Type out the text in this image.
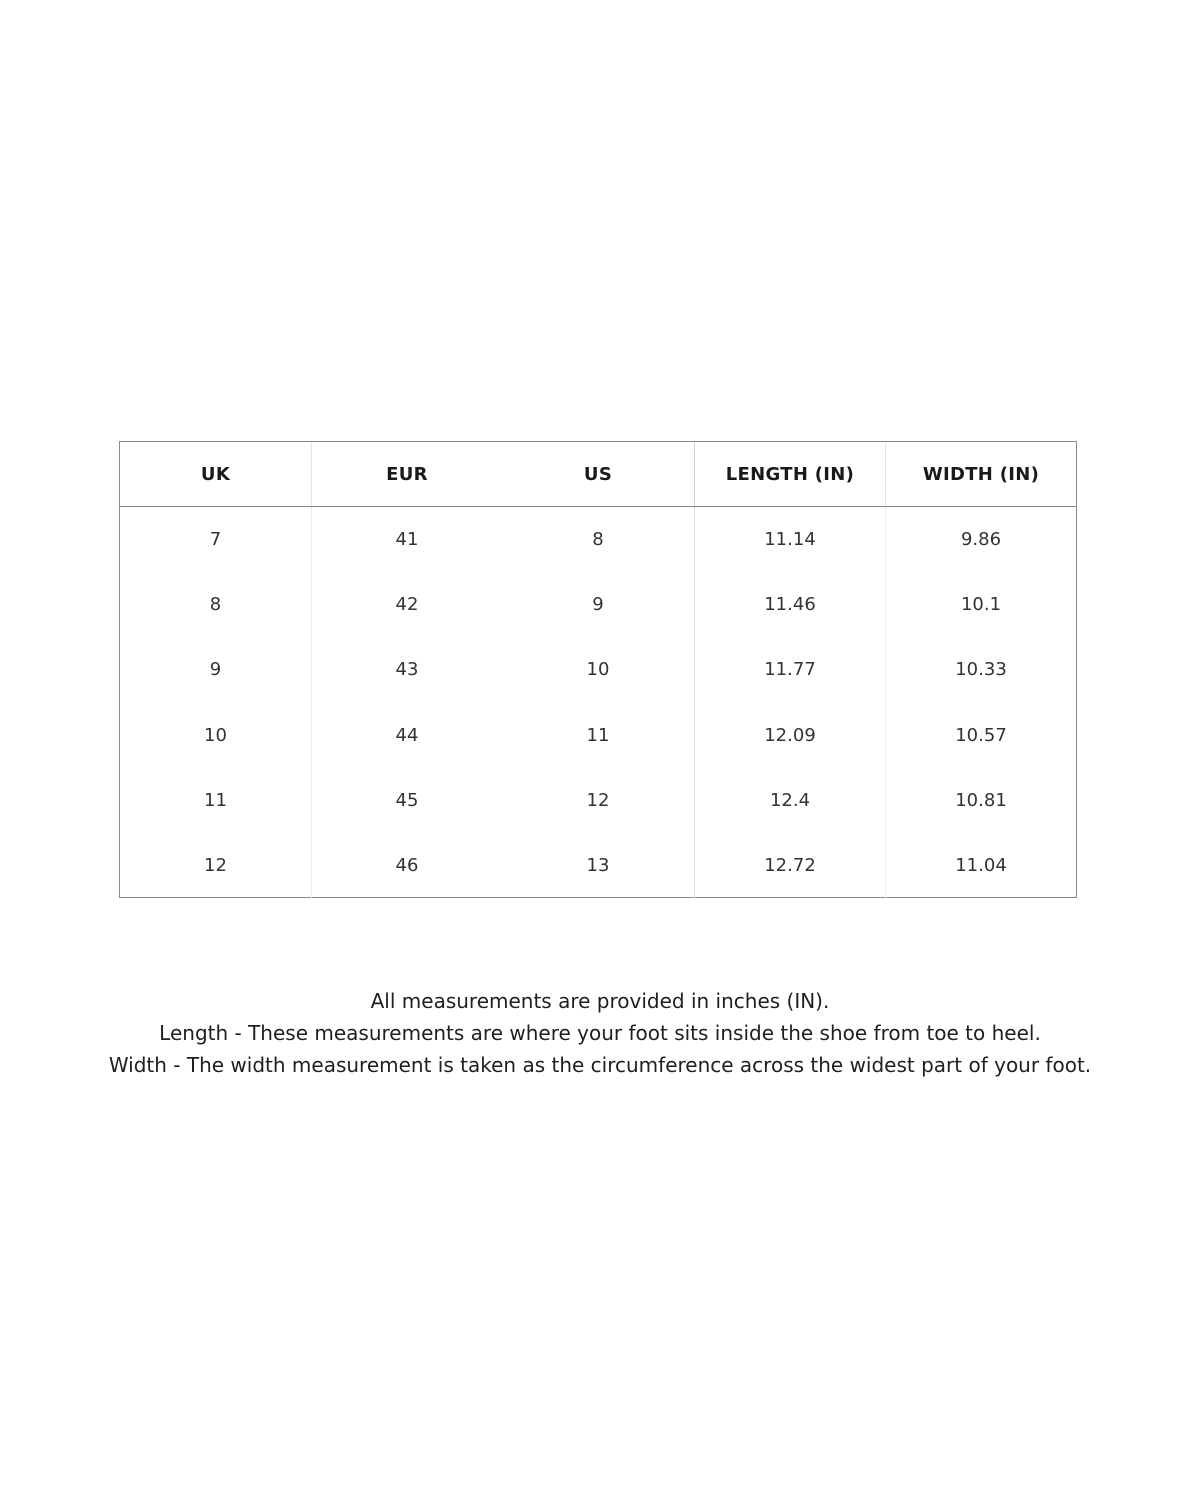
UK	EUR	US	LENGTH (IN)	WIDTH (IN)
7	41	8	11.14	9.86
8	42	9	11.46	10.1
9	43	10	11.77	10.33
10	44	11	12.09	10.57
11	45	12	12.4	10.81
12	46	13	12.72	11.04

All measurements are provided in inches (IN).

Length - These measurements are where your foot sits inside the shoe from toe to heel.

Width - The width measurement is taken as the circumference across the widest part of your foot.
